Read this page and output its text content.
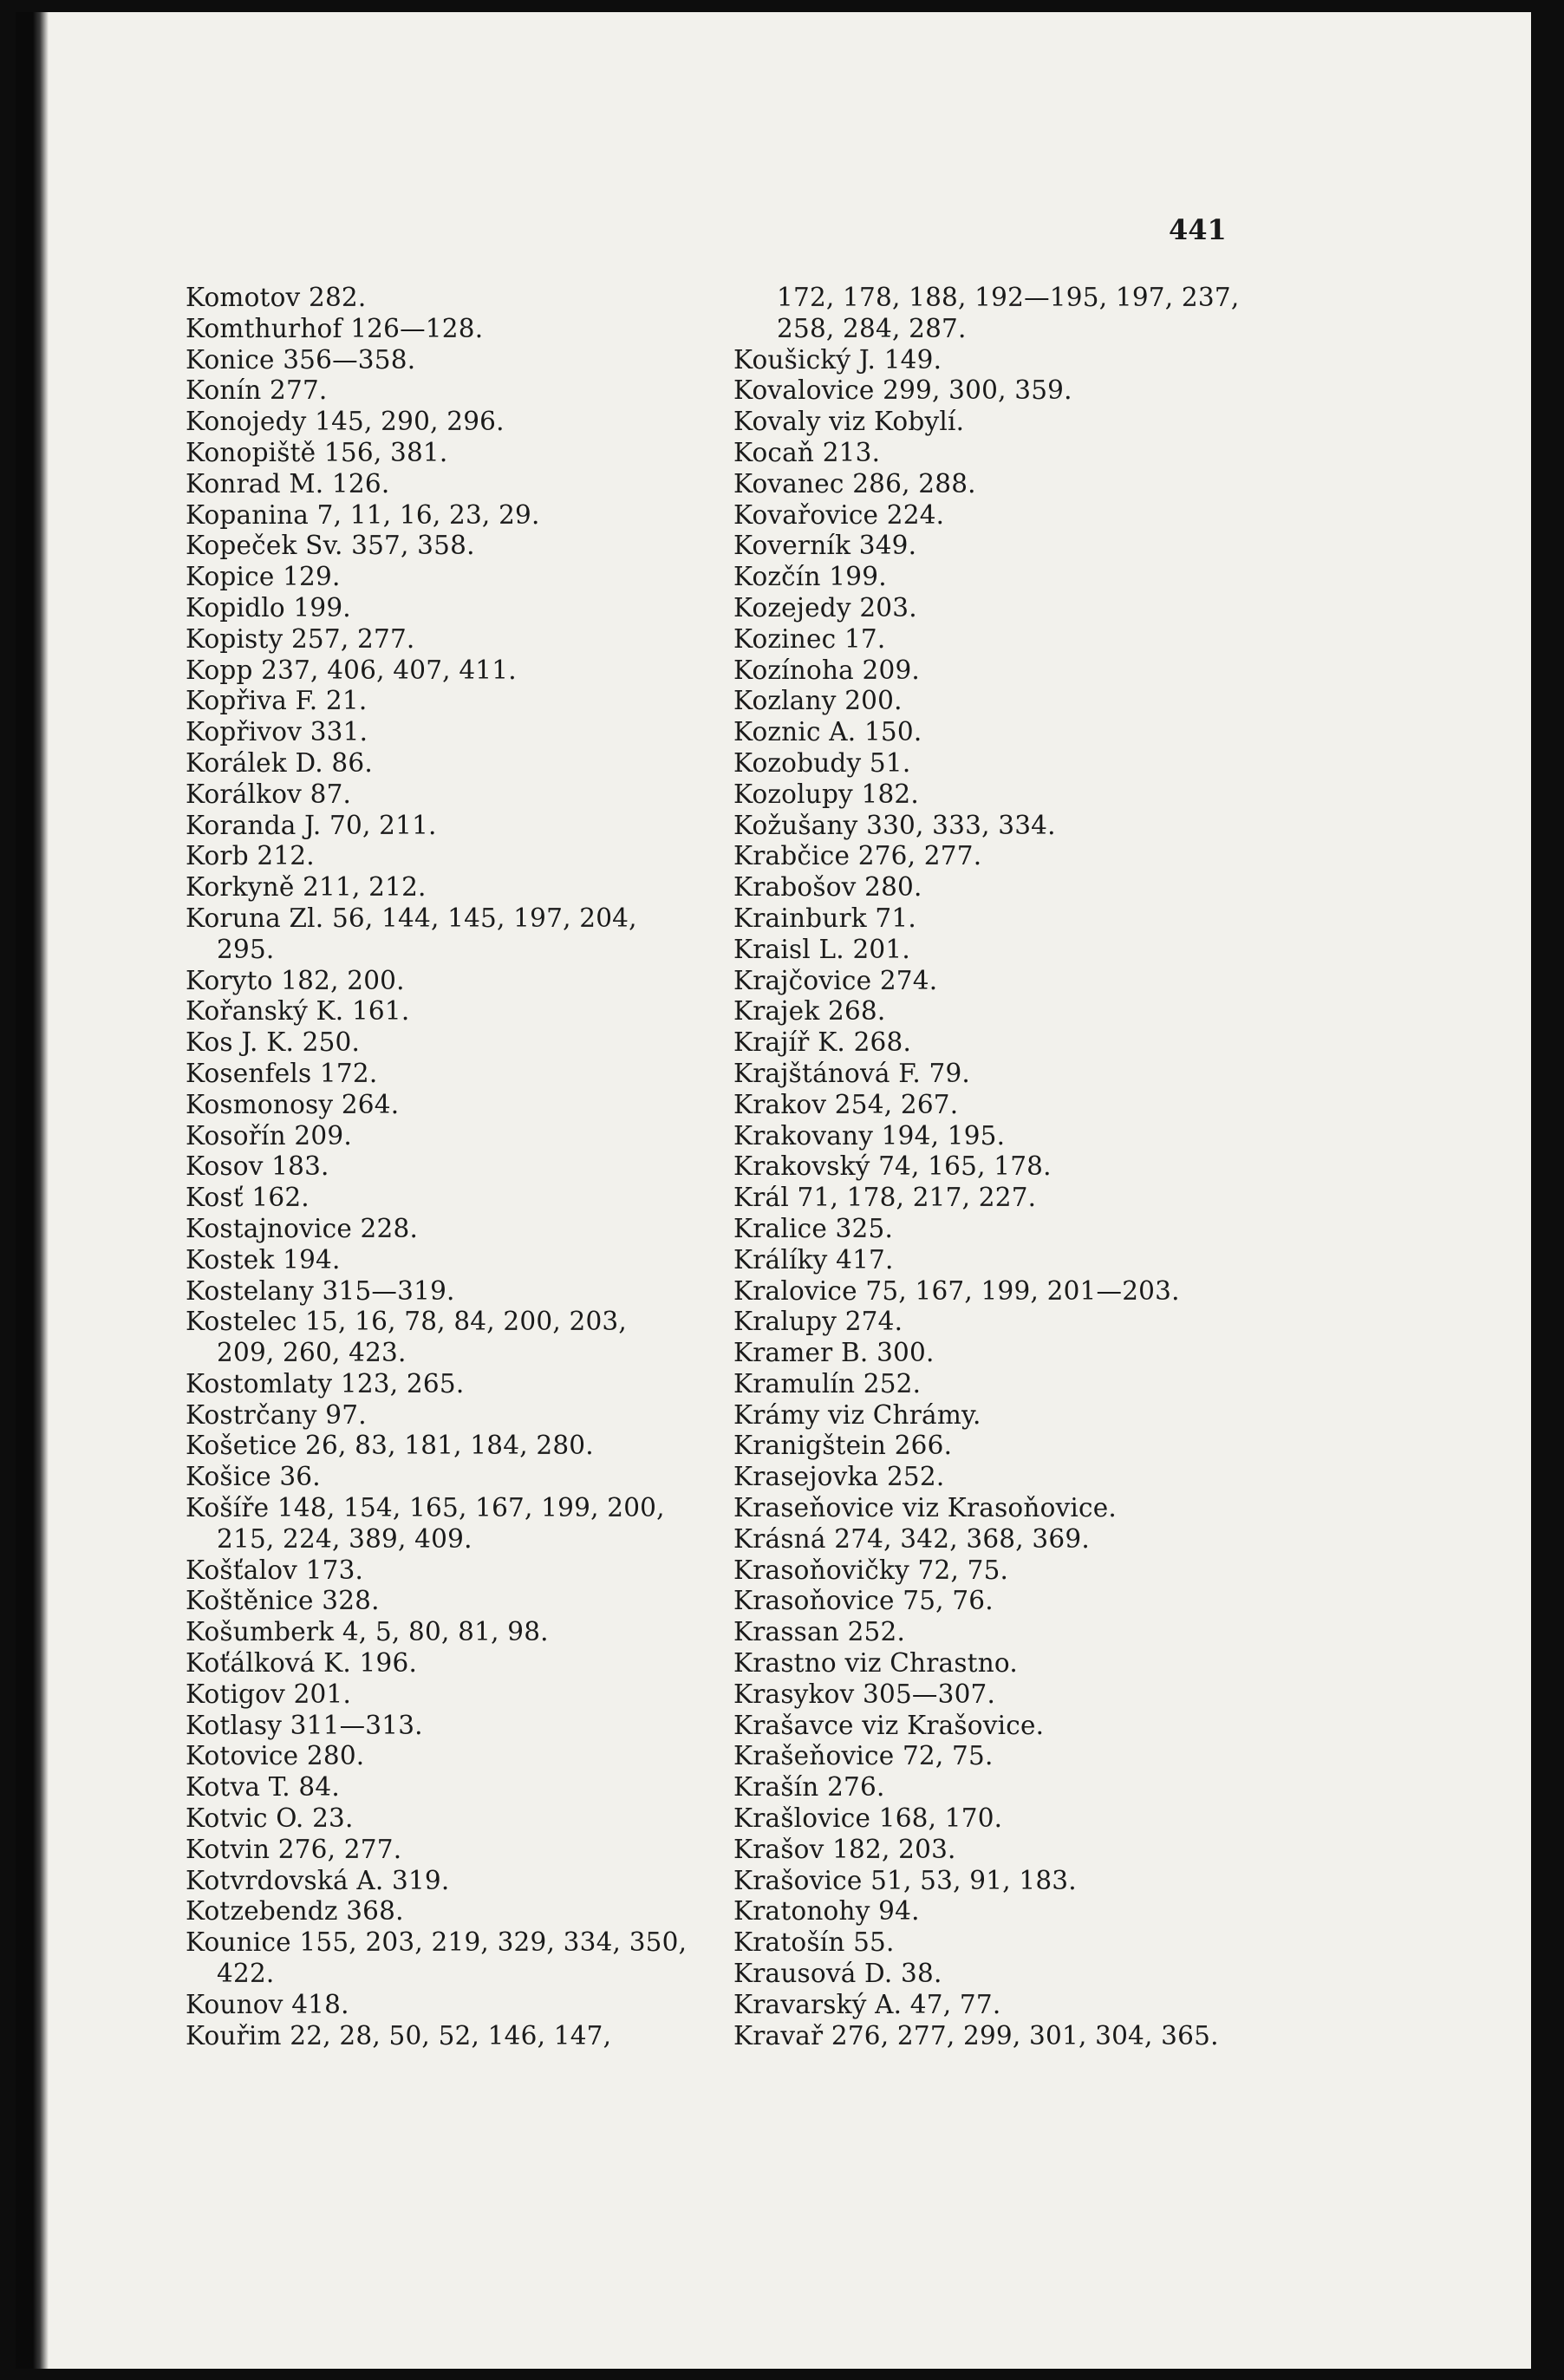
441
Komotov 282.
Komthurhof 126—128.
Konice 356—358.
Konín 277.
Konojedy 145, 290, 296.
Konopiště 156, 381.
Konrad M. 126.
Kopanina 7, 11, 16, 23, 29.
Kopeček Sv. 357, 358.
Kopice 129.
Kopidlo 199.
Kopisty 257, 277.
Kopp 237, 406, 407, 411.
Kopřiva F. 21.
Kopřivov 331.
Korálek D. 86.
Korálkov 87.
Koranda J. 70, 211.
Korb 212.
Korkyně 211, 212.
Koruna Zl. 56, 144, 145, 197, 204,
295.
Koryto 182, 200.
Kořanský K. 161.
Kos J. K. 250.
Kosenfels 172.
Kosmonosy 264.
Kosořín 209.
Kosov 183.
Kosť 162.
Kostajnovice 228.
Kostek 194.
Kostelany 315—319.
Kostelec 15, 16, 78, 84, 200, 203,
209, 260, 423.
Kostomlaty 123, 265.
Kostrčany 97.
Košetice 26, 83, 181, 184, 280.
Košice 36.
Košíře 148, 154, 165, 167, 199, 200,
215, 224, 389, 409.
Košťalov 173.
Koštěnice 328.
Košumberk 4, 5, 80, 81, 98.
Koťálková K. 196.
Kotigov 201.
Kotlasy 311—313.
Kotovice 280.
Kotva T. 84.
Kotvic O. 23.
Kotvin 276, 277.
Kotvrdovská A. 319.
Kotzebendz 368.
Kounice 155, 203, 219, 329, 334, 350,
422.
Kounov 418.
Kouřim 22, 28, 50, 52, 146, 147,
172, 178, 188, 192—195, 197, 237,
258, 284, 287.
Koušický J. 149.
Kovalovice 299, 300, 359.
Kovaly viz Kobylí.
Kocaň 213.
Kovanec 286, 288.
Kovařovice 224.
Koverník 349.
Kozčín 199.
Kozejedy 203.
Kozinec 17.
Kozínoha 209.
Kozlany 200.
Koznic A. 150.
Kozobudy 51.
Kozolupy 182.
Kožušany 330, 333, 334.
Krabčice 276, 277.
Krabošov 280.
Krainburk 71.
Kraisl L. 201.
Krajčovice 274.
Krajek 268.
Krajíř K. 268.
Krajštánová F. 79.
Krakov 254, 267.
Krakovany 194, 195.
Krakovský 74, 165, 178.
Král 71, 178, 217, 227.
Kralice 325.
Králíky 417.
Kralovice 75, 167, 199, 201—203.
Kralupy 274.
Kramer B. 300.
Kramulín 252.
Krámy viz Chrámy.
Kranigštein 266.
Krasejovka 252.
Kraseňovice viz Krasoňovice.
Krásná 274, 342, 368, 369.
Krasoňovičky 72, 75.
Krasoňovice 75, 76.
Krassan 252.
Krastno viz Chrastno.
Krasykov 305—307.
Krašavce viz Krašovice.
Krašeňovice 72, 75.
Krašín 276.
Krašlovice 168, 170.
Krašov 182, 203.
Krašovice 51, 53, 91, 183.
Kratonohy 94.
Kratošín 55.
Krausová D. 38.
Kravarský A. 47, 77.
Kravař 276, 277, 299, 301, 304, 365.
